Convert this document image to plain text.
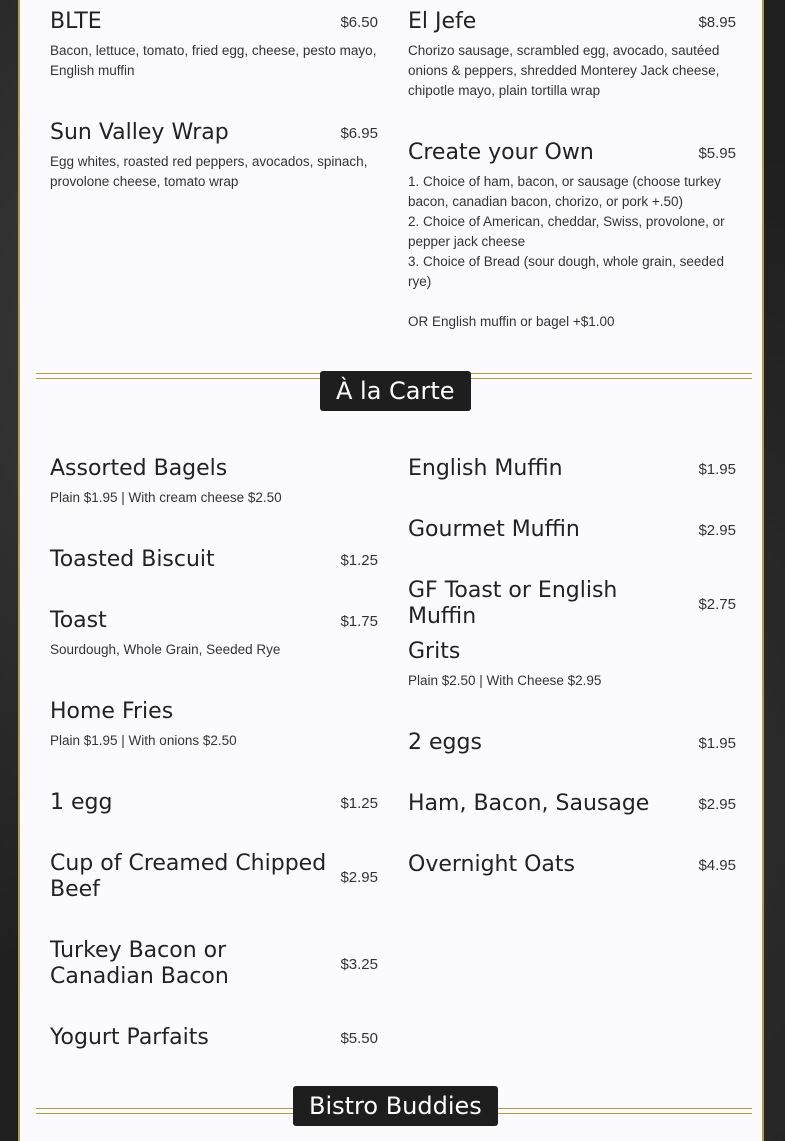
BLTE	$6.50

Bacon, lettuce, tomato, fried egg, cheese, pesto mayo, English muffin

Sun Valley Wrap	$6.95

Egg whites, roasted red peppers, avocados, spinach, provolone cheese, tomato wrap

El Jefe	$8.95

Chorizo sausage, scrambled egg, avocado, sautéed onions & peppers, shredded Monterey Jack cheese, chipotle mayo, plain tortilla wrap

Create your Own	$5.95

1. Choice of ham, bacon, or sausage (choose turkey bacon, canadian bacon, chorizo, or pork +.50)

2. Choice of American, cheddar, Swiss, provolone, or pepper jack cheese

3. Choice of Bread (sour dough, whole grain, seeded rye)

OR English muffin or bagel +$1.00

À la Carte
Assorted Bagels

Plain $1.95 | With cream cheese $2.50

Toasted Biscuit	$1.25
Toast	$1.75

Sourdough, Whole Grain, Seeded Rye

Home Fries

Plain $1.95 | With onions $2.50

1 egg	$1.25
Cup of Creamed Chipped Beef	$2.95
Turkey Bacon or Canadian Bacon	$3.25
Yogurt Parfaits	$5.50
English Muffin	$1.95
Gourmet Muffin	$2.95
GF Toast or English Muffin	$2.75
Grits

Plain $2.50 | With Cheese $2.95

2 eggs	$1.95
Ham, Bacon, Sausage	$2.95
Overnight Oats	$4.95
Bistro Buddies
